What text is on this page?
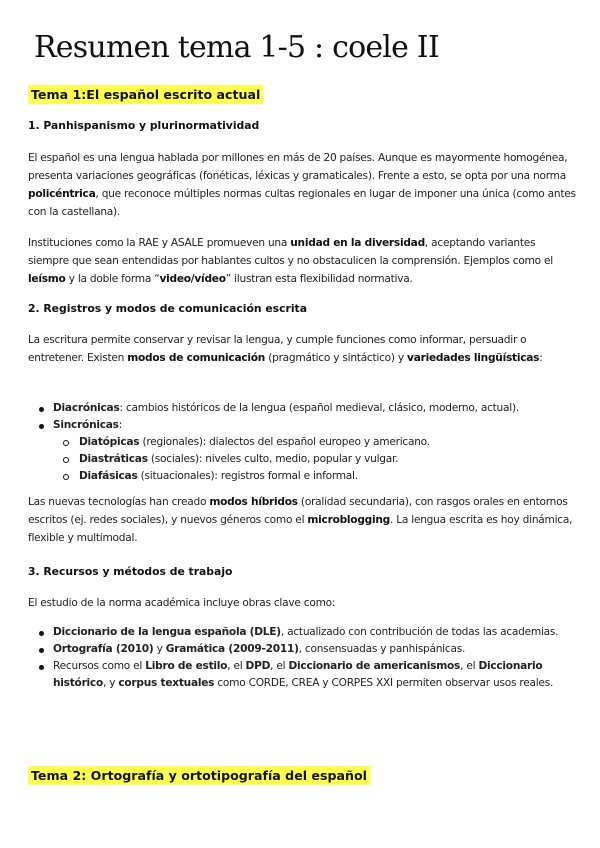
Resumen tema 1-5 : coele II
Tema 1:El español escrito actual
1. Panhispanismo y plurinormatividad
El español es una lengua hablada por millones en más de 20 países. Aunque es mayormente homogénea, presenta variaciones geográficas (fonéticas, léxicas y gramaticales). Frente a esto, se opta por una norma policéntrica, que reconoce múltiples normas cultas regionales en lugar de imponer una única (como antes con la castellana).
Instituciones como la RAE y ASALE promueven una unidad en la diversidad, aceptando variantes siempre que sean entendidas por hablantes cultos y no obstaculicen la comprensión. Ejemplos como el leísmo y la doble forma “video/vídeo” ilustran esta flexibilidad normativa.
2. Registros y modos de comunicación escrita
La escritura permite conservar y revisar la lengua, y cumple funciones como informar, persuadir o entretener. Existen modos de comunicación (pragmático y sintáctico) y variedades lingüísticas:
Diacrónicas: cambios históricos de la lengua (español medieval, clásico, moderno, actual).
Sincrónicas:
Diatópicas (regionales): dialectos del español europeo y americano.
Diastráticas (sociales): niveles culto, medio, popular y vulgar.
Diafásicas (situacionales): registros formal e informal.
Las nuevas tecnologías han creado modos híbridos (oralidad secundaria), con rasgos orales en entornos escritos (ej. redes sociales), y nuevos géneros como el microblogging. La lengua escrita es hoy dinámica, flexible y multimodal.
3. Recursos y métodos de trabajo
El estudio de la norma académica incluye obras clave como:
Diccionario de la lengua española (DLE), actualizado con contribución de todas las academias.
Ortografía (2010) y Gramática (2009-2011), consensuadas y panhispánicas.
Recursos como el Libro de estilo, el DPD, el Diccionario de americanismos, el Diccionario histórico, y corpus textuales como CORDE, CREA y CORPES XXI permiten observar usos reales.
Tema 2: Ortografía y ortotipografía del español
